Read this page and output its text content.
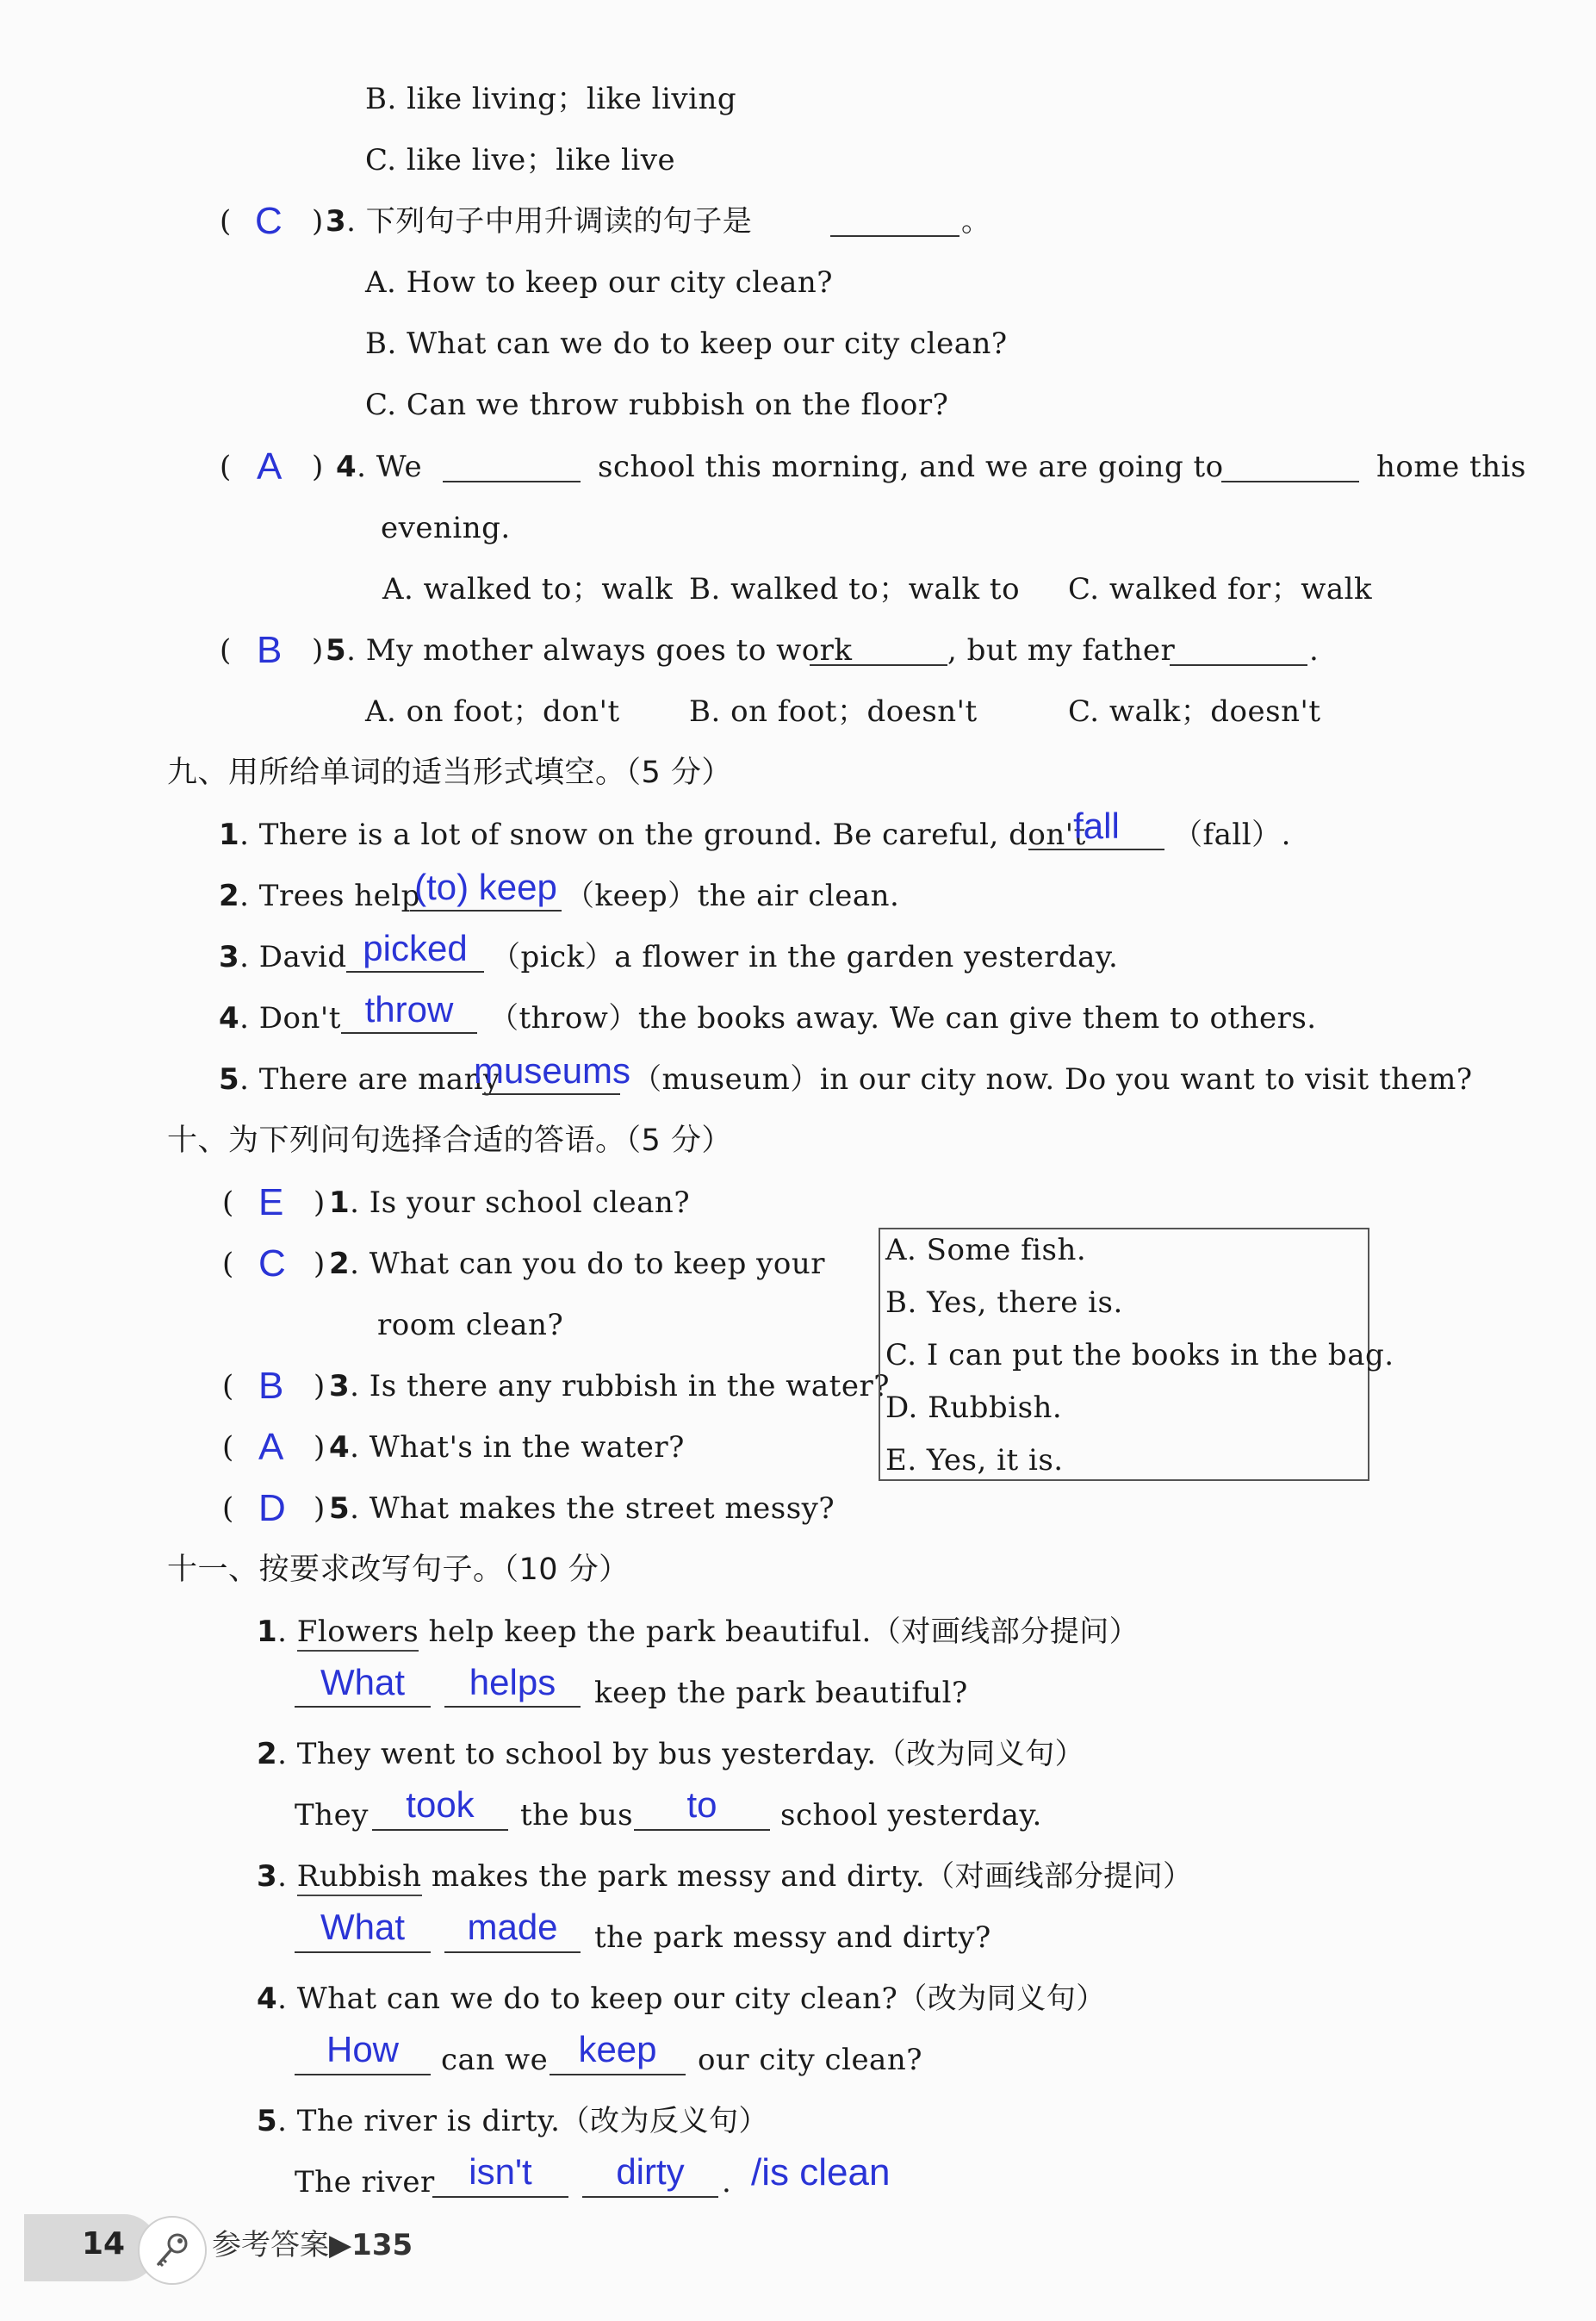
B. like living；like living
C. like live；like live
( C ) 3. 下列句子中用升调读的句子是	。
A. How to keep our city clean?
B. What can we do to keep our city clean?
C. Can we throw rubbish on the floor?
( A ) 4. We	school this morning, and we are going to	home this
evening.
A. walked to；walk B. walked to；walk to C. walked for；walk
( B ) 5. My mother always goes to work	, but my father	.
A. on foot；don't B. on foot；doesn't	C. walk；doesn't
九、用所给单词的适当形式填空。（5 分）
1. There is a lot of snow on the ground. Be careful, don't
fall	（fall）.
2. Trees help
(to) keep （keep）the air clean.
3. David picked （pick）a flower in the garden yesterday.
4. Don't throw	（throw）the books away. We can give them to others.
5. There are many
museums （museum）in our city now. Do you want to visit them?
十、为下列问句选择合适的答语。（5 分）
( E ) 1. Is your school clean?
( C ) 2. What can you do to keep your
room clean?
( B ) 3. Is there any rubbish in the water?
( A ) 4. What's in the water?
( D ) 5. What makes the street messy?
A. Some fish.
B. Yes, there is.
C. I can put the books in the bag.
D. Rubbish.
E. Yes, it is.
十一、按要求改写句子。（10 分）
1. Flowers help keep the park beautiful.（对画线部分提问）
What	helps	keep the park beautiful?
2. They went to school by bus yesterday.（改为同义句）
They	took	the bus	to	school yesterday.
3. Rubbish makes the park messy and dirty.（对画线部分提问）
What	made	the park messy and dirty?
4. What can we do to keep our city clean?（改为同义句）
How	can we keep	our city clean?
5. The river is dirty.（改为反义句）
The river isn't	dirty	. /is clean
14	参考答案▶135
